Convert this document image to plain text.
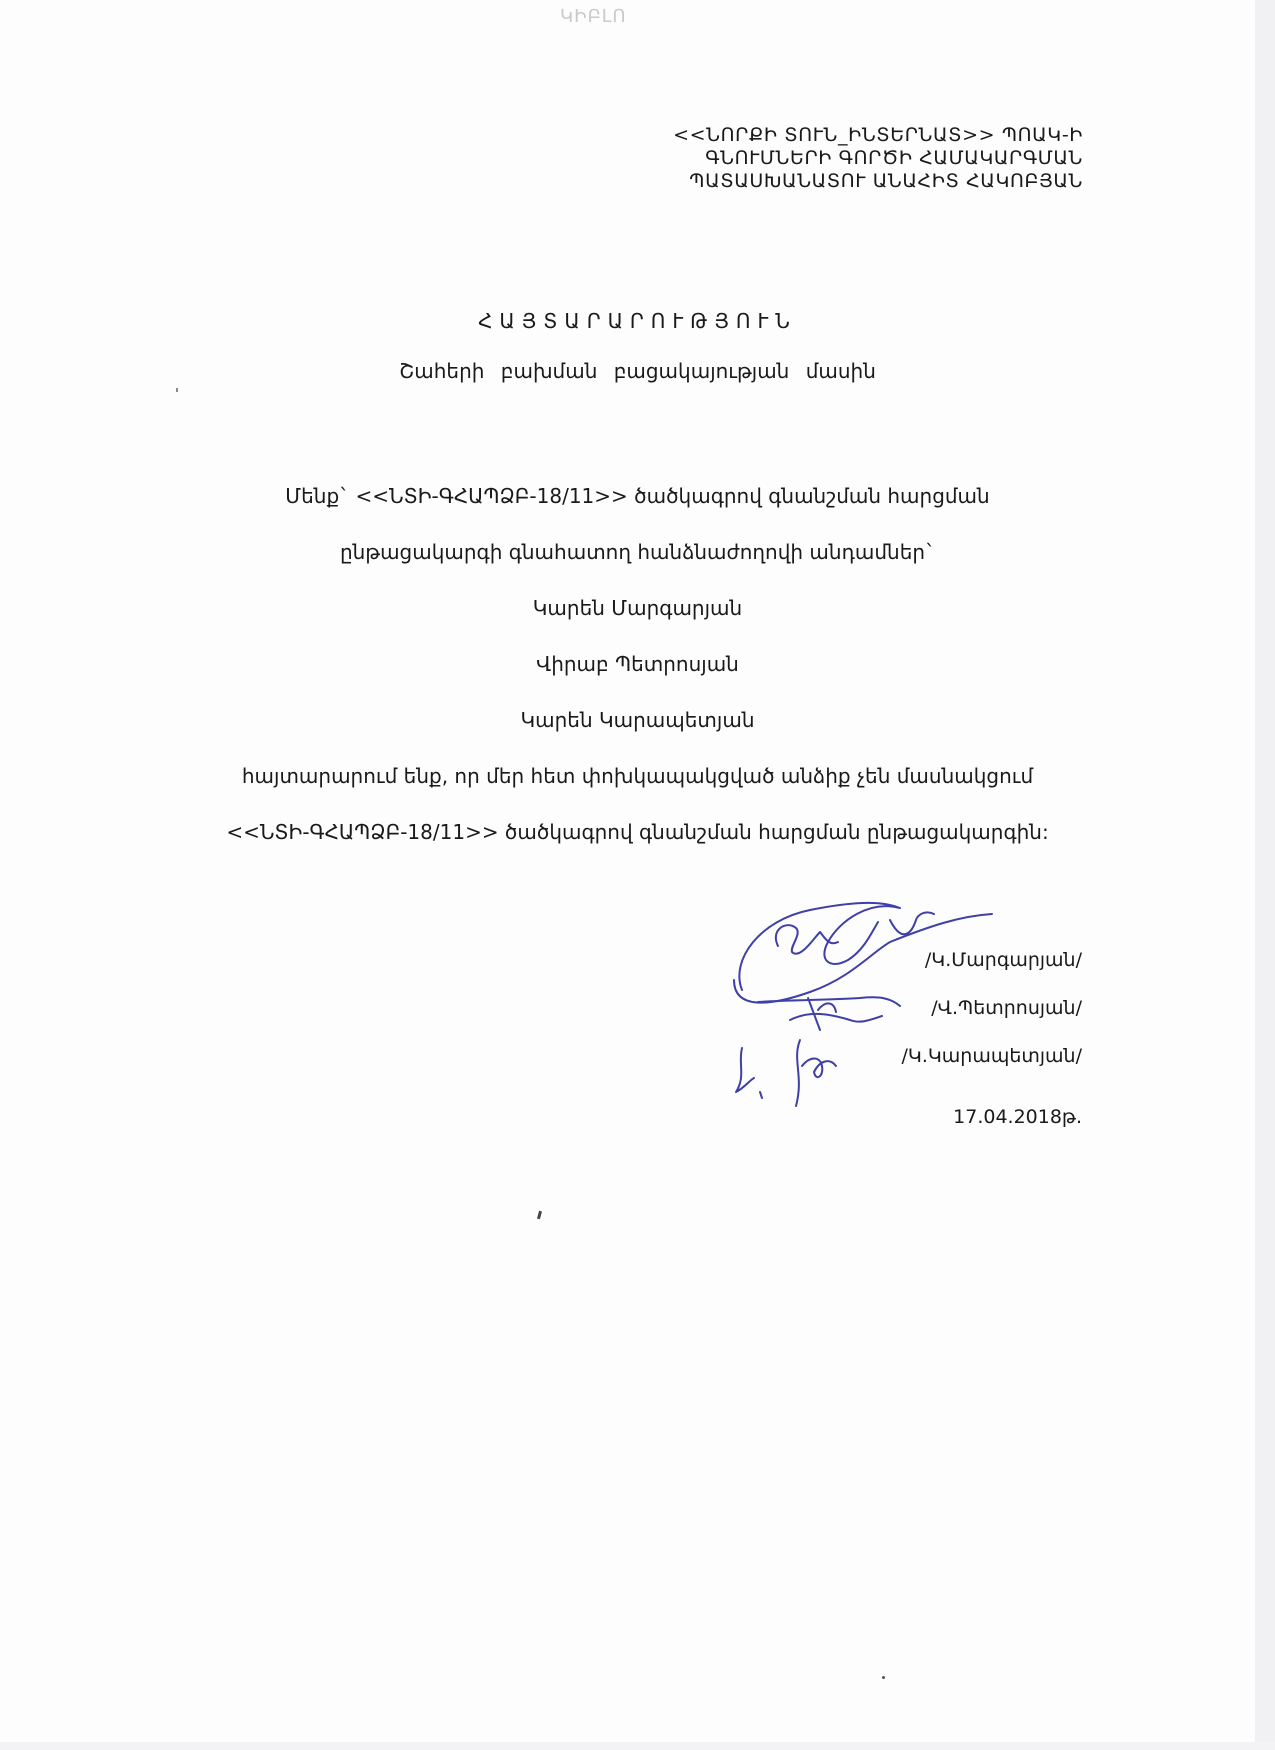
ԿԻԲԼՈ
<<ՆՈՐՔԻ ՏՈՒՆ_ԻՆՏԵՐՆԱՏ>> ՊՈԱԿ-Ի
ԳՆՈՒՄՆԵՐԻ ԳՈՐԾԻ ՀԱՄԱԿԱՐԳՄԱՆ
ՊԱՏԱՍԽԱՆԱՏՈՒ ԱՆԱՀԻՏ ՀԱԿՈԲՅԱՆ
ՀԱՅՏԱՐԱՐՈՒԹՅՈՒՆ
Շահերի բախման բացակայության մասին
Մենք` <<ՆՏԻ-ԳՀԱՊՁԲ-18/11>> ծածկագրով գնանշման հարցման
ընթացակարգի գնահատող հանձնաժողովի անդամներ`
Կարեն Մարգարյան
Վիրաբ Պետրոսյան
Կարեն Կարապետյան
հայտարարում ենք, որ մեր հետ փոխկապակցված անձիք չեն մասնակցում
<<ՆՏԻ-ԳՀԱՊՁԲ-18/11>> ծածկագրով գնանշման հարցման ընթացակարգին:
/Կ.Մարգարյան/
/Վ.Պետրոսյան/
/Կ.Կարապետյան/
17.04.2018թ.
